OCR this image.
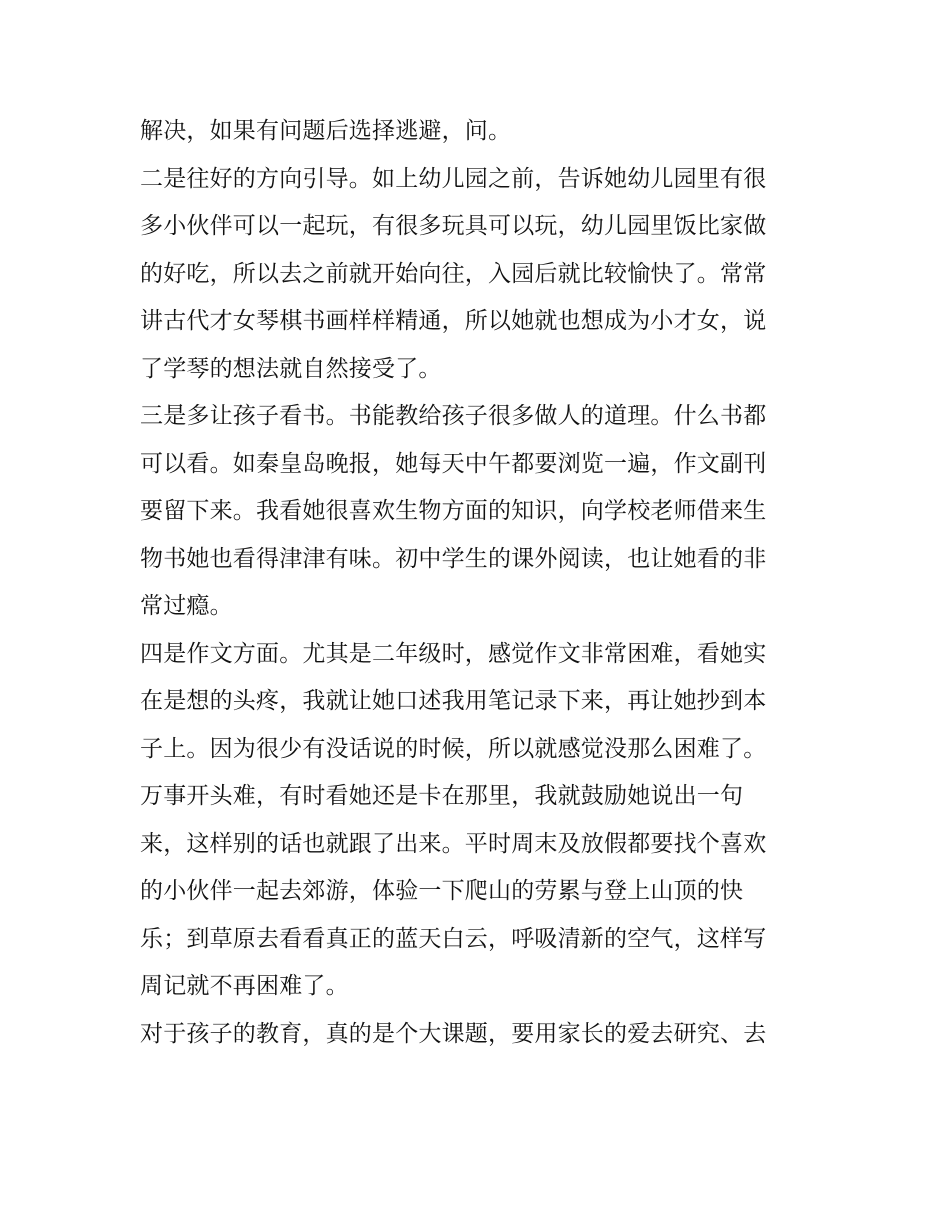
解决，如果有问题后选择逃避，问。
二是往好的方向引导。如上幼儿园之前，告诉她幼儿园里有很
多小伙伴可以一起玩，有很多玩具可以玩，幼儿园里饭比家做
的好吃，所以去之前就开始向往，入园后就比较愉快了。常常
讲古代才女琴棋书画样样精通，所以她就也想成为小才女，说
了学琴的想法就自然接受了。
三是多让孩子看书。书能教给孩子很多做人的道理。什么书都
可以看。如秦皇岛晚报，她每天中午都要浏览一遍，作文副刊
要留下来。我看她很喜欢生物方面的知识，向学校老师借来生
物书她也看得津津有味。初中学生的课外阅读，也让她看的非
常过瘾。
四是作文方面。尤其是二年级时，感觉作文非常困难，看她实
在是想的头疼，我就让她口述我用笔记录下来，再让她抄到本
子上。因为很少有没话说的时候，所以就感觉没那么困难了。
万事开头难，有时看她还是卡在那里，我就鼓励她说出一句
来，这样别的话也就跟了出来。平时周末及放假都要找个喜欢
的小伙伴一起去郊游，体验一下爬山的劳累与登上山顶的快
乐；到草原去看看真正的蓝天白云，呼吸清新的空气，这样写
周记就不再困难了。
对于孩子的教育，真的是个大课题，要用家长的爱去研究、去
